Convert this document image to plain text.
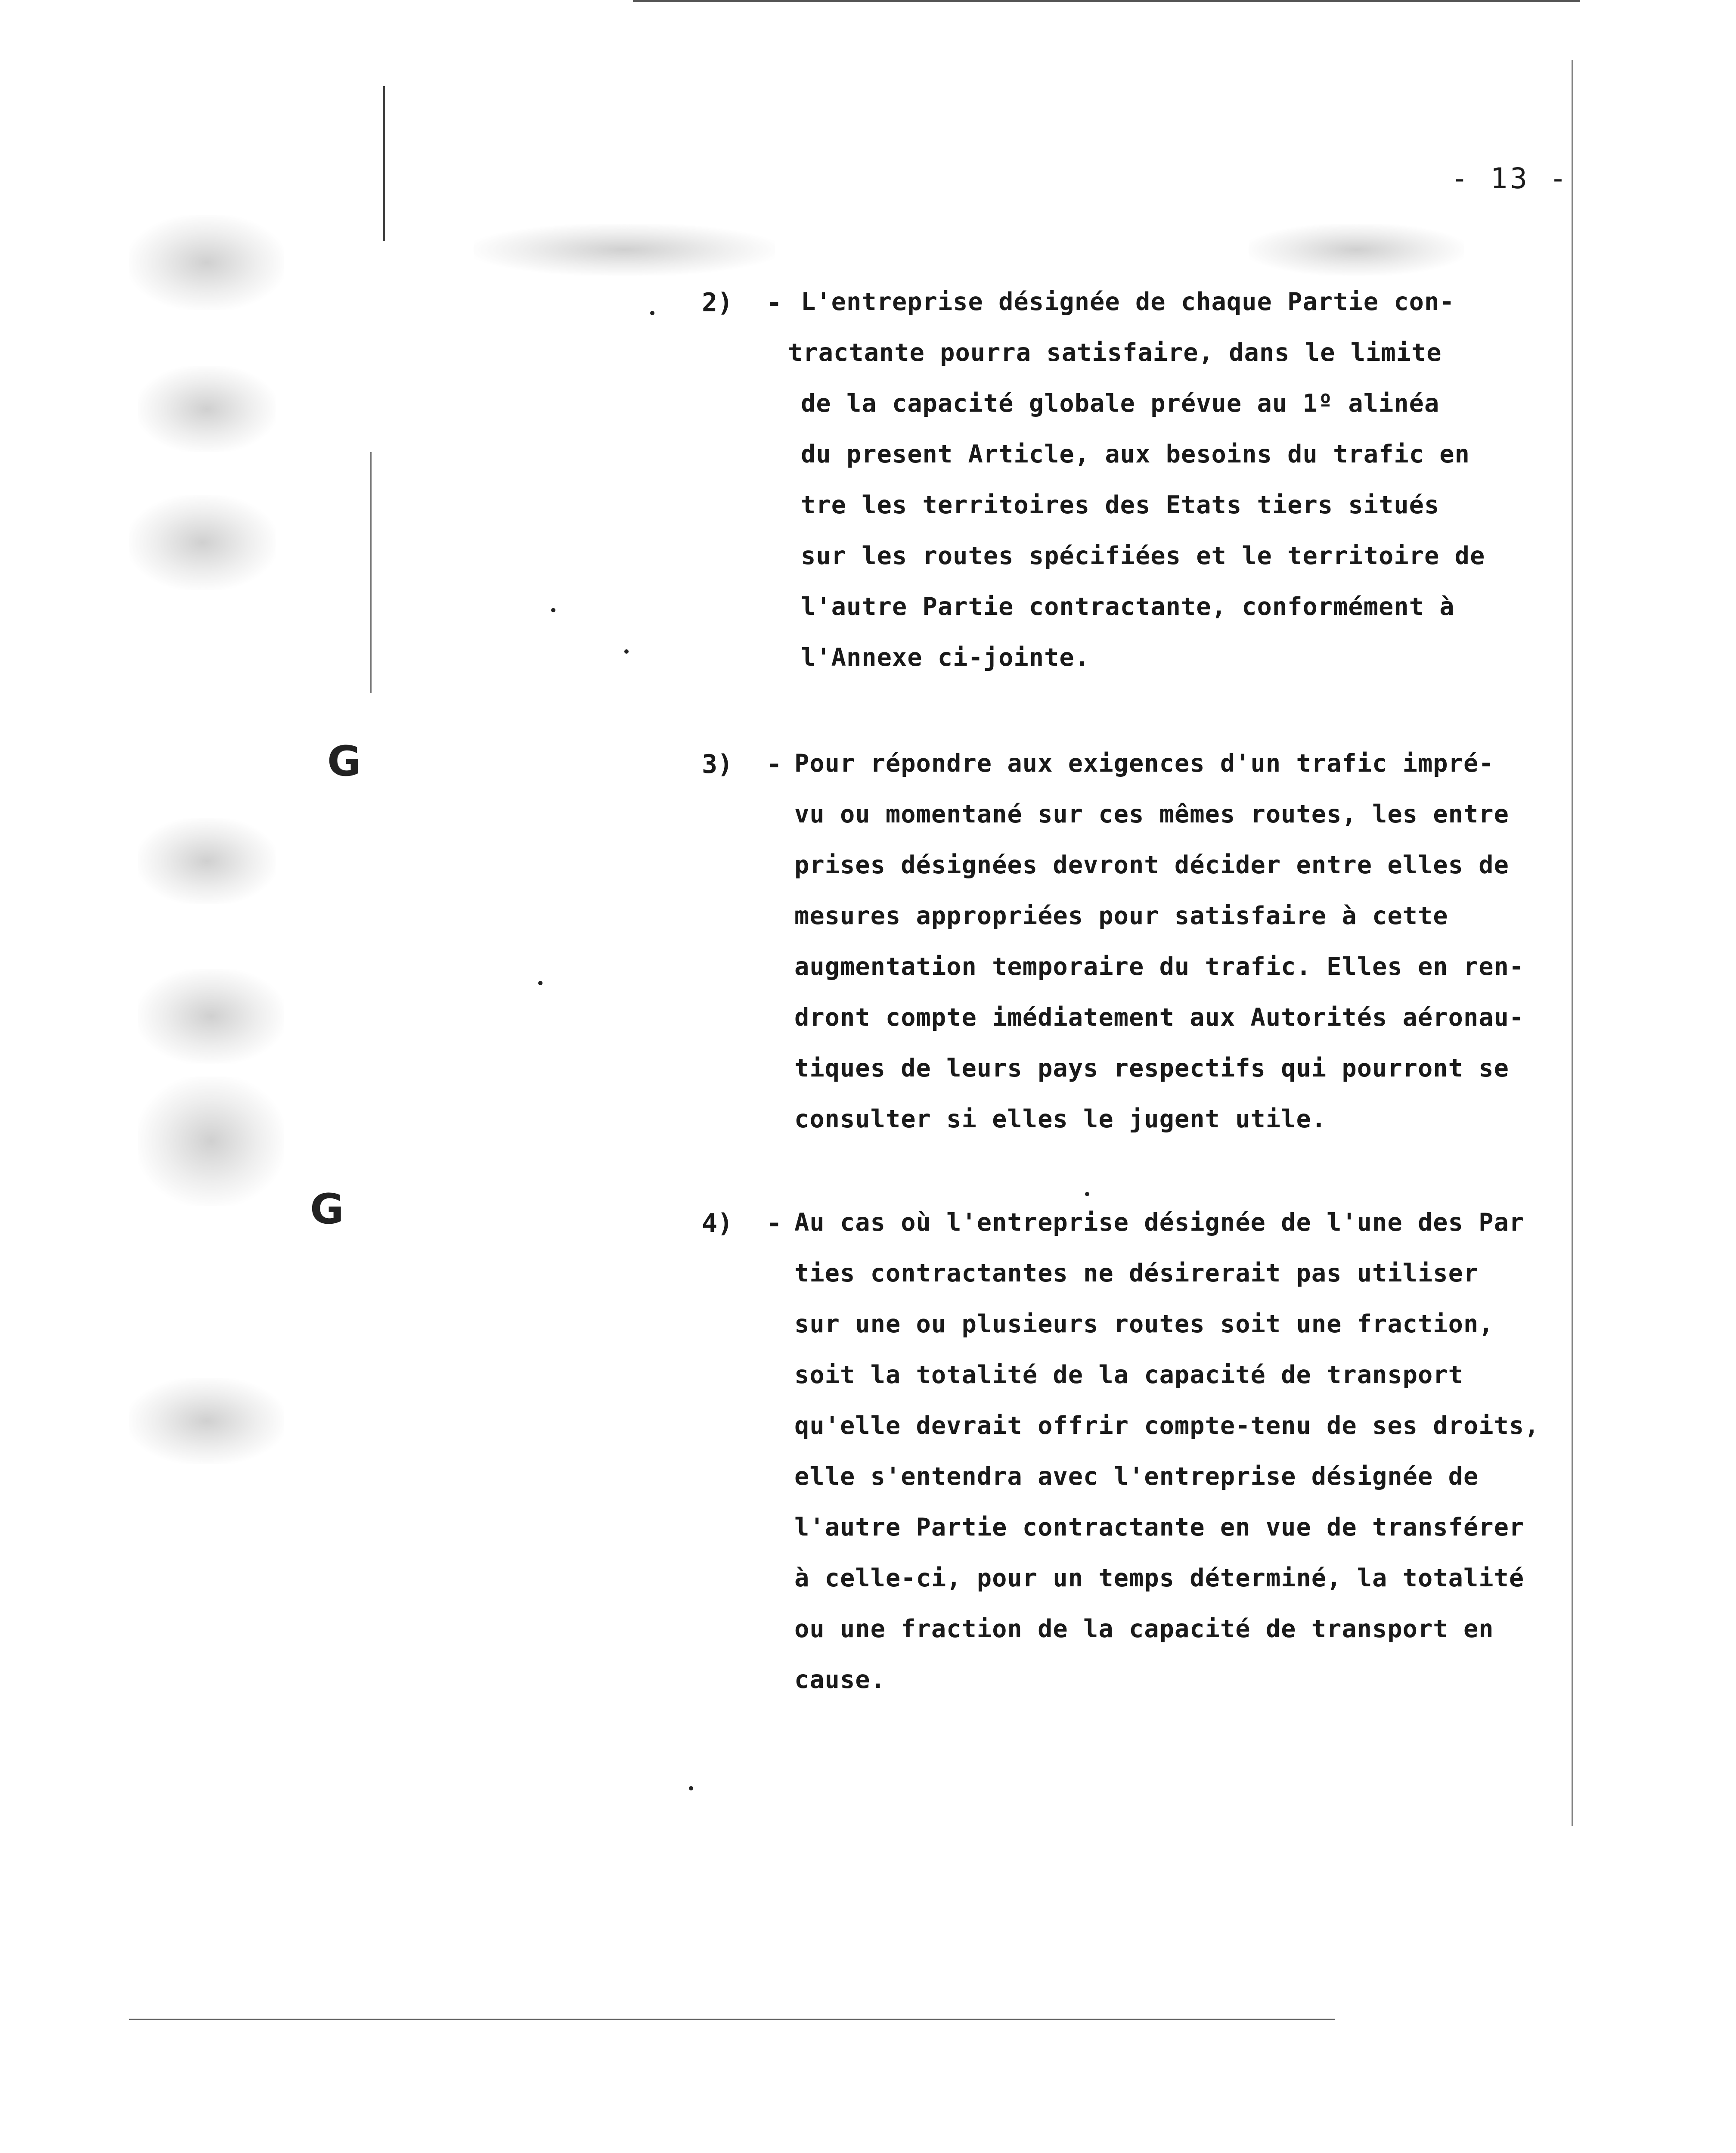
G
G
- 13 -
2) - L'entreprise désignée de chaque Partie con-
tractante pourra satisfaire, dans le limite
de la capacité globale prévue au 1º alinéa
du present Article, aux besoins du trafic en
tre les territoires des Etats tiers situés
sur les routes spécifiées et le territoire de
l'autre Partie contractante, conformément à
l'Annexe ci-jointe.
3) - Pour répondre aux exigences d'un trafic impré-
vu ou momentané sur ces mêmes routes, les entre
prises désignées devront décider entre elles de
mesures appropriées pour satisfaire à cette
augmentation temporaire du trafic. Elles en ren-
dront compte imédiatement aux Autorités aéronau-
tiques de leurs pays respectifs qui pourront se
consulter si elles le jugent utile.
4) - Au cas où l'entreprise désignée de l'une des Par
ties contractantes ne désirerait pas utiliser
sur une ou plusieurs routes soit une fraction,
soit la totalité de la capacité de transport
qu'elle devrait offrir compte-tenu de ses droits,
elle s'entendra avec l'entreprise désignée de
l'autre Partie contractante en vue de transférer
à celle-ci, pour un temps déterminé, la totalité
ou une fraction de la capacité de transport en
cause.
